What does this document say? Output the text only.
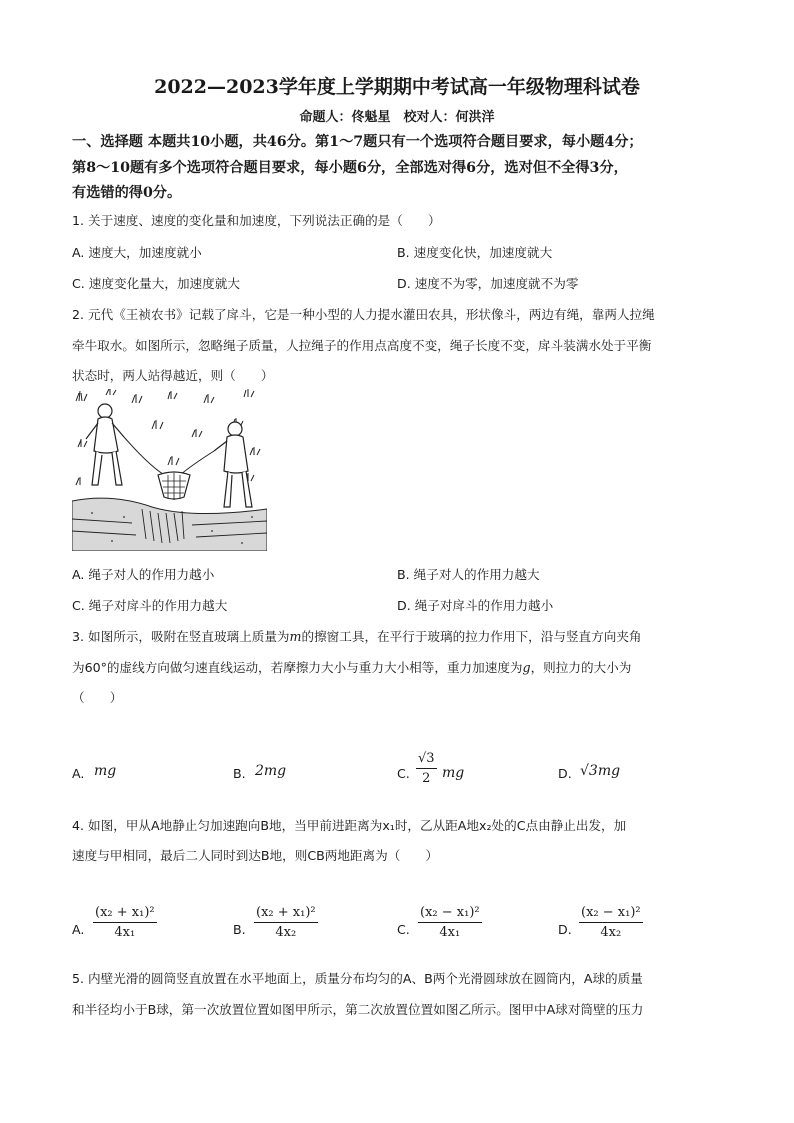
2022—2023学年度上学期期中考试高一年级物理科试卷
命题人：佟魁星　校对人：何洪洋
一、选择题 本题共10小题，共46分。第1～7题只有一个选项符合题目要求，每小题4分；
第8～10题有多个选项符合题目要求，每小题6分，全部选对得6分，选对但不全得3分，
有选错的得0分。
1. 关于速度、速度的变化量和加速度，下列说法正确的是（　　）
A. 速度大，加速度就小	B. 速度变化快，加速度就大
C. 速度变化量大，加速度就大	D. 速度不为零，加速度就不为零
2. 元代《王祯农书》记载了戽斗，它是一种小型的人力提水灌田农具，形状像斗，两边有绳，靠两人拉绳
牵牛取水。如图所示，忽略绳子质量，人拉绳子的作用点高度不变，绳子长度不变，戽斗装满水处于平衡
状态时，两人站得越近，则（　　）
A. 绳子对人的作用力越小	B. 绳子对人的作用力越大
C. 绳子对戽斗的作用力越大	D. 绳子对戽斗的作用力越小
3. 如图所示，吸附在竖直玻璃上质量为m的擦窗工具，在平行于玻璃的拉力作用下，沿与竖直方向夹角
为60°的虚线方向做匀速直线运动，若摩擦力大小与重力大小相等，重力加速度为g，则拉力的大小为
（　　）
A. mg	B. 2mg	C. $\frac{√3}{2}$ mg	D. √3mg
4. 如图，甲从A地静止匀加速跑向B地，当甲前进距离为x₁时，乙从距A地x₂处的C点由静止出发，加
速度与甲相同，最后二人同时到达B地，则CB两地距离为（　　）
A. $\frac{\text{(x₂ + x₁)²}}{\text{4x₁}}$	B. $\frac{\text{(x₂ + x₁)²}}{\text{4x₂}}$	C. $\frac{\text{(x₂ − x₁)²}}{\text{4x₁}}$	D. $\frac{\text{(x₂ − x₁)²}}{\text{4x₂}}$
5. 内壁光滑的圆筒竖直放置在水平地面上，质量分布均匀的A、B两个光滑圆球放在圆筒内，A球的质量
和半径均小于B球，第一次放置位置如图甲所示，第二次放置位置如图乙所示。图甲中A球对筒壁的压力
